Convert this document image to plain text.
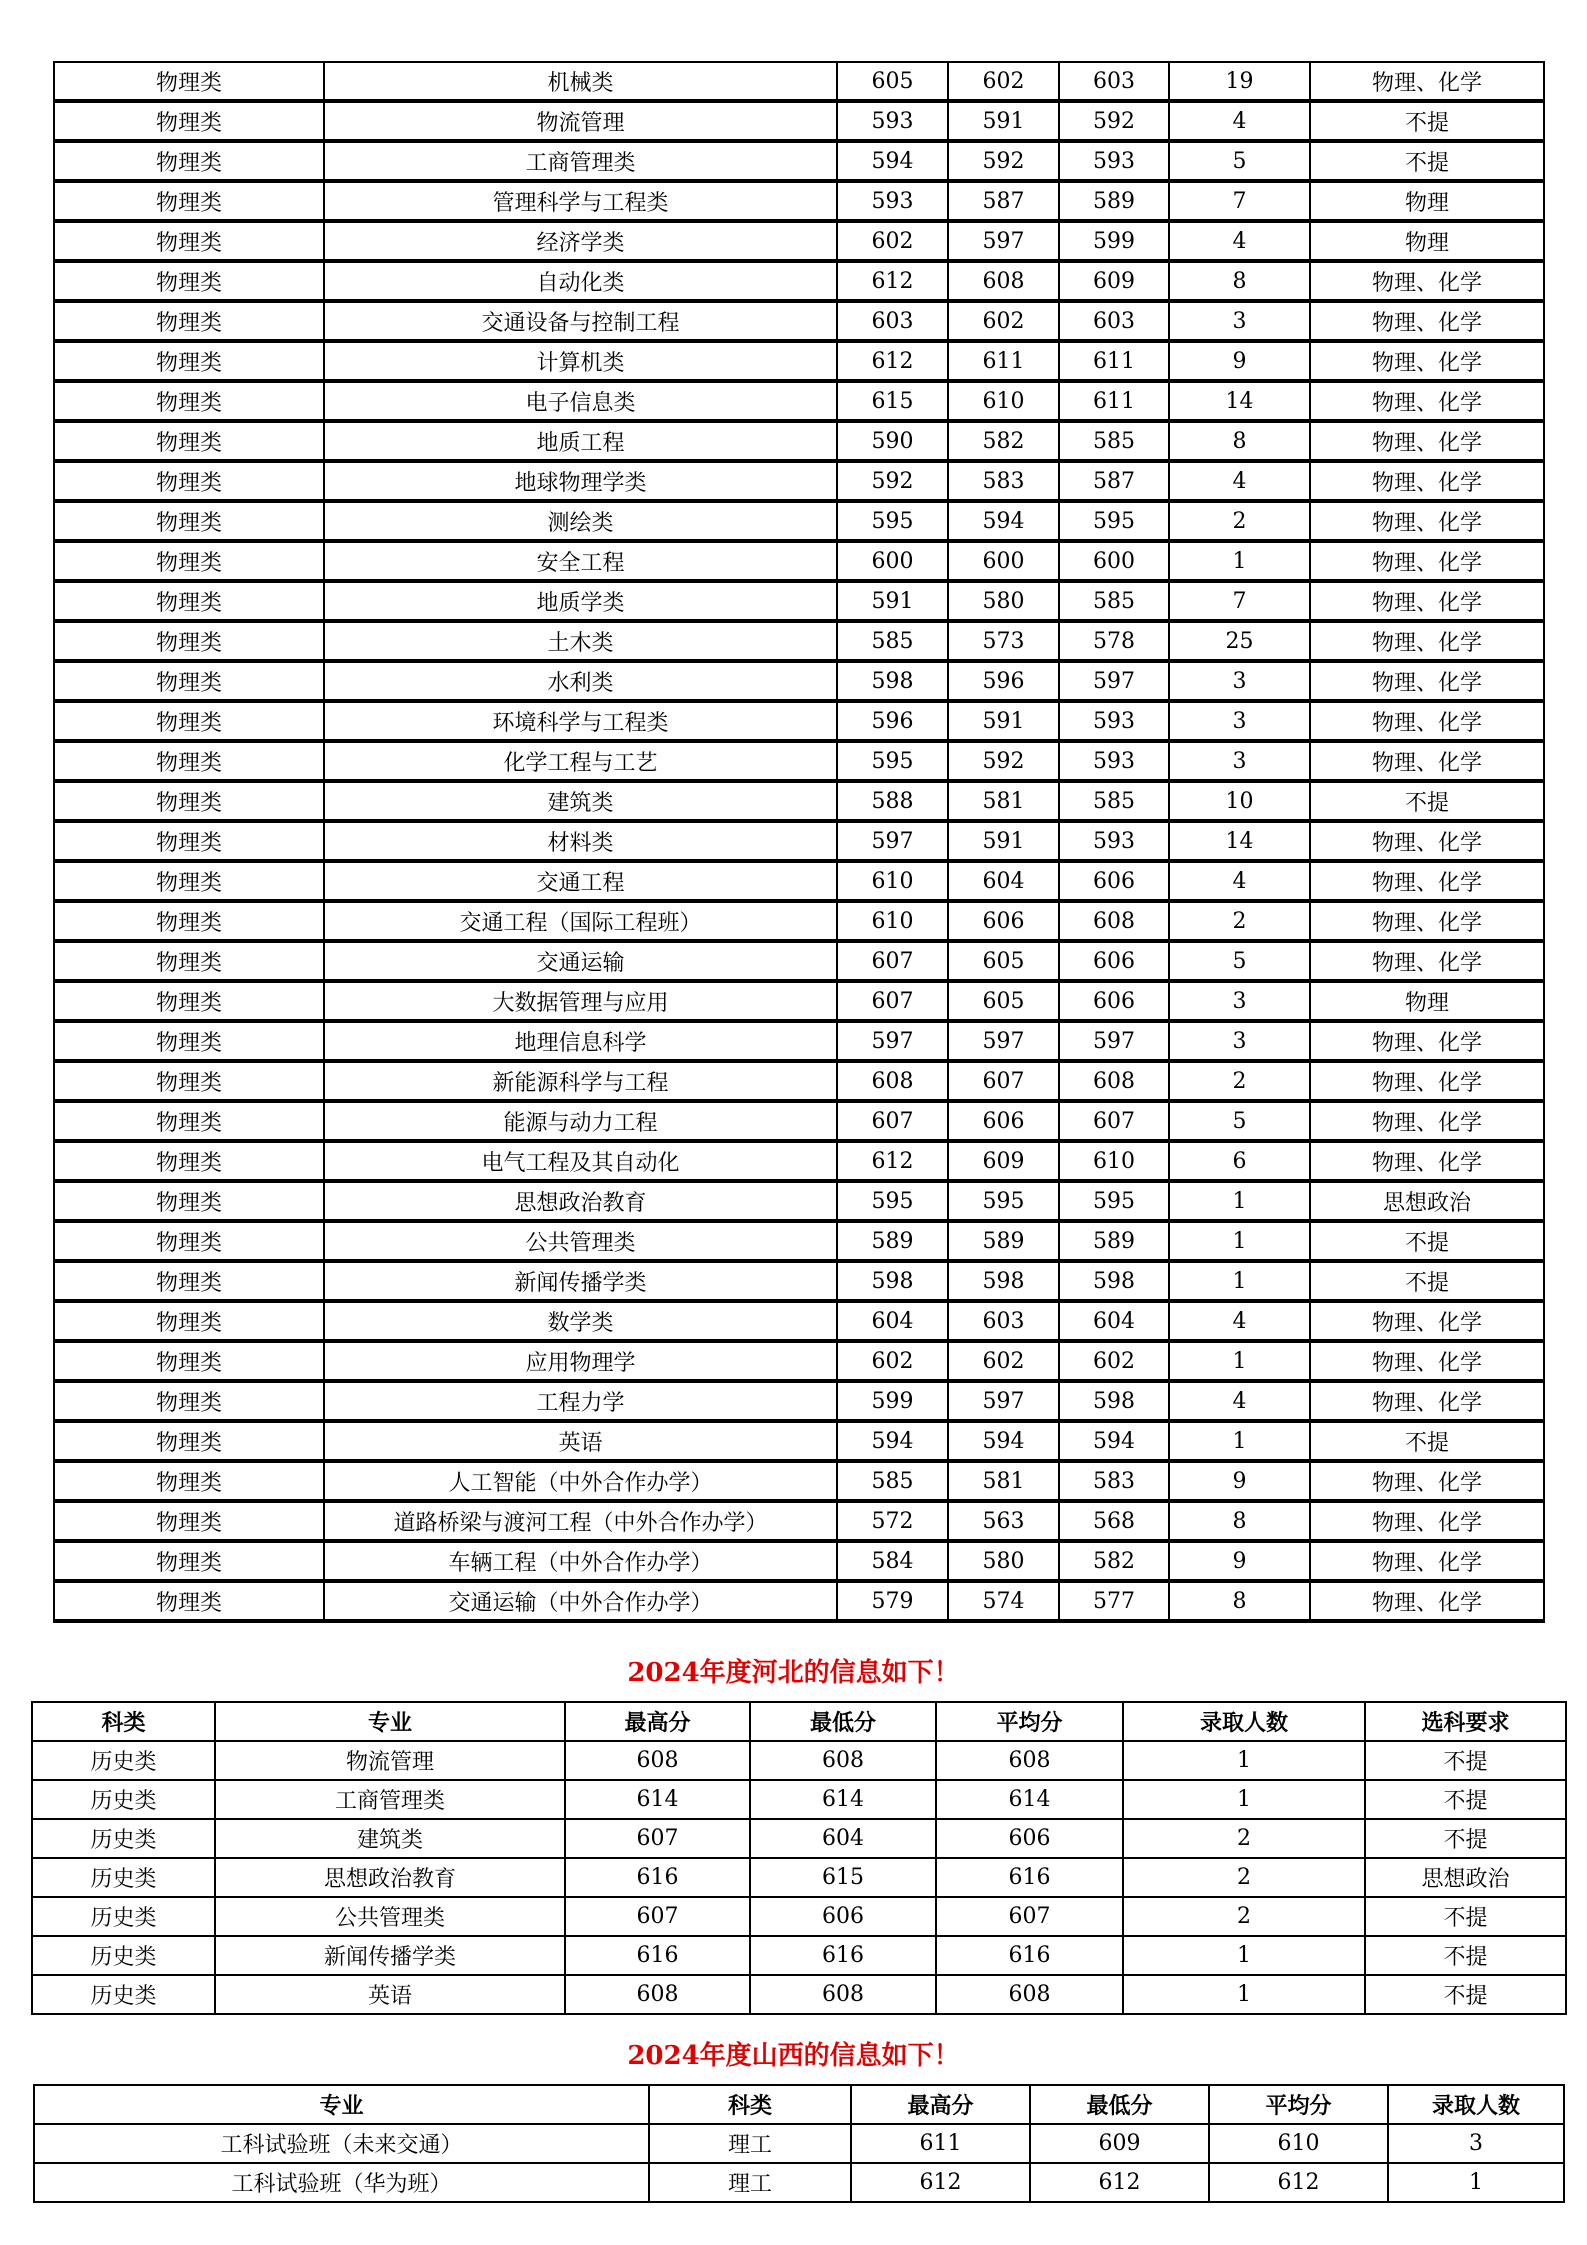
物理类	机械类	605	602	603	19	物理、化学
物理类	物流管理	593	591	592	4	不提
物理类	工商管理类	594	592	593	5	不提
物理类	管理科学与工程类	593	587	589	7	物理
物理类	经济学类	602	597	599	4	物理
物理类	自动化类	612	608	609	8	物理、化学
物理类	交通设备与控制工程	603	602	603	3	物理、化学
物理类	计算机类	612	611	611	9	物理、化学
物理类	电子信息类	615	610	611	14	物理、化学
物理类	地质工程	590	582	585	8	物理、化学
物理类	地球物理学类	592	583	587	4	物理、化学
物理类	测绘类	595	594	595	2	物理、化学
物理类	安全工程	600	600	600	1	物理、化学
物理类	地质学类	591	580	585	7	物理、化学
物理类	土木类	585	573	578	25	物理、化学
物理类	水利类	598	596	597	3	物理、化学
物理类	环境科学与工程类	596	591	593	3	物理、化学
物理类	化学工程与工艺	595	592	593	3	物理、化学
物理类	建筑类	588	581	585	10	不提
物理类	材料类	597	591	593	14	物理、化学
物理类	交通工程	610	604	606	4	物理、化学
物理类	交通工程（国际工程班）	610	606	608	2	物理、化学
物理类	交通运输	607	605	606	5	物理、化学
物理类	大数据管理与应用	607	605	606	3	物理
物理类	地理信息科学	597	597	597	3	物理、化学
物理类	新能源科学与工程	608	607	608	2	物理、化学
物理类	能源与动力工程	607	606	607	5	物理、化学
物理类	电气工程及其自动化	612	609	610	6	物理、化学
物理类	思想政治教育	595	595	595	1	思想政治
物理类	公共管理类	589	589	589	1	不提
物理类	新闻传播学类	598	598	598	1	不提
物理类	数学类	604	603	604	4	物理、化学
物理类	应用物理学	602	602	602	1	物理、化学
物理类	工程力学	599	597	598	4	物理、化学
物理类	英语	594	594	594	1	不提
物理类	人工智能（中外合作办学）	585	581	583	9	物理、化学
物理类	道路桥梁与渡河工程（中外合作办学）	572	563	568	8	物理、化学
物理类	车辆工程（中外合作办学）	584	580	582	9	物理、化学
物理类	交通运输（中外合作办学）	579	574	577	8	物理、化学
2024年度河北的信息如下！
科类	专业	最高分	最低分	平均分	录取人数	选科要求
历史类	物流管理	608	608	608	1	不提
历史类	工商管理类	614	614	614	1	不提
历史类	建筑类	607	604	606	2	不提
历史类	思想政治教育	616	615	616	2	思想政治
历史类	公共管理类	607	606	607	2	不提
历史类	新闻传播学类	616	616	616	1	不提
历史类	英语	608	608	608	1	不提
2024年度山西的信息如下！
专业	科类	最高分	最低分	平均分	录取人数
工科试验班（未来交通）	理工	611	609	610	3
工科试验班（华为班）	理工	612	612	612	1
